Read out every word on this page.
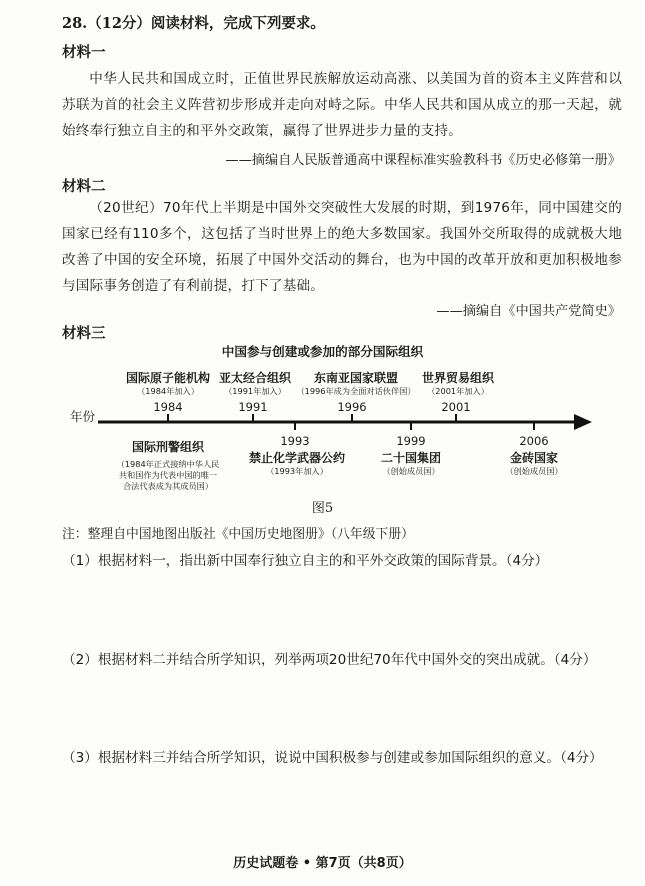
28.（12分）阅读材料，完成下列要求。
材料一

中华人民共和国成立时，正值世界民族解放运动高涨、以美国为首的资本主义阵营和以苏联为首的社会主义阵营初步形成并走向对峙之际。中华人民共和国从成立的那一天起，就始终奉行独立自主的和平外交政策，赢得了世界进步力量的支持。

——摘编自人民版普通高中课程标准实验教科书《历史必修第一册》
材料二

（20世纪）70年代上半期是中国外交突破性大发展的时期，到1976年，同中国建交的国家已经有110多个，这包括了当时世界上的绝大多数国家。我国外交所取得的成就极大地改善了中国的安全环境，拓展了中国外交活动的舞台，也为中国的改革开放和更加积极地参与国际事务创造了有利前提，打下了基础。

——摘编自《中国共产党简史》
材料三
中国参与创建或参加的部分国际组织
年份
国际原子能机构
（1984年加入）
1984
亚太经合组织
（1991年加入）
1991
东南亚国家联盟
（1996年成为全面对话伙伴国）
1996
世界贸易组织
（2001年加入）
2001
国际刑警组织
（1984年正式接纳中华人民
共和国作为代表中国的唯一
合法代表成为其成员国）
1993
禁止化学武器公约
（1993年加入）
1999
二十国集团
（创始成员国）
2006
金砖国家
（创始成员国）
图5
注：整理自中国地图出版社《中国历史地图册》（八年级下册）
（1）根据材料一，指出新中国奉行独立自主的和平外交政策的国际背景。（4分）
（2）根据材料二并结合所学知识，列举两项20世纪70年代中国外交的突出成就。（4分）
（3）根据材料三并结合所学知识，说说中国积极参与创建或参加国际组织的意义。（4分）
历史试题卷 • 第7页（共8页）
